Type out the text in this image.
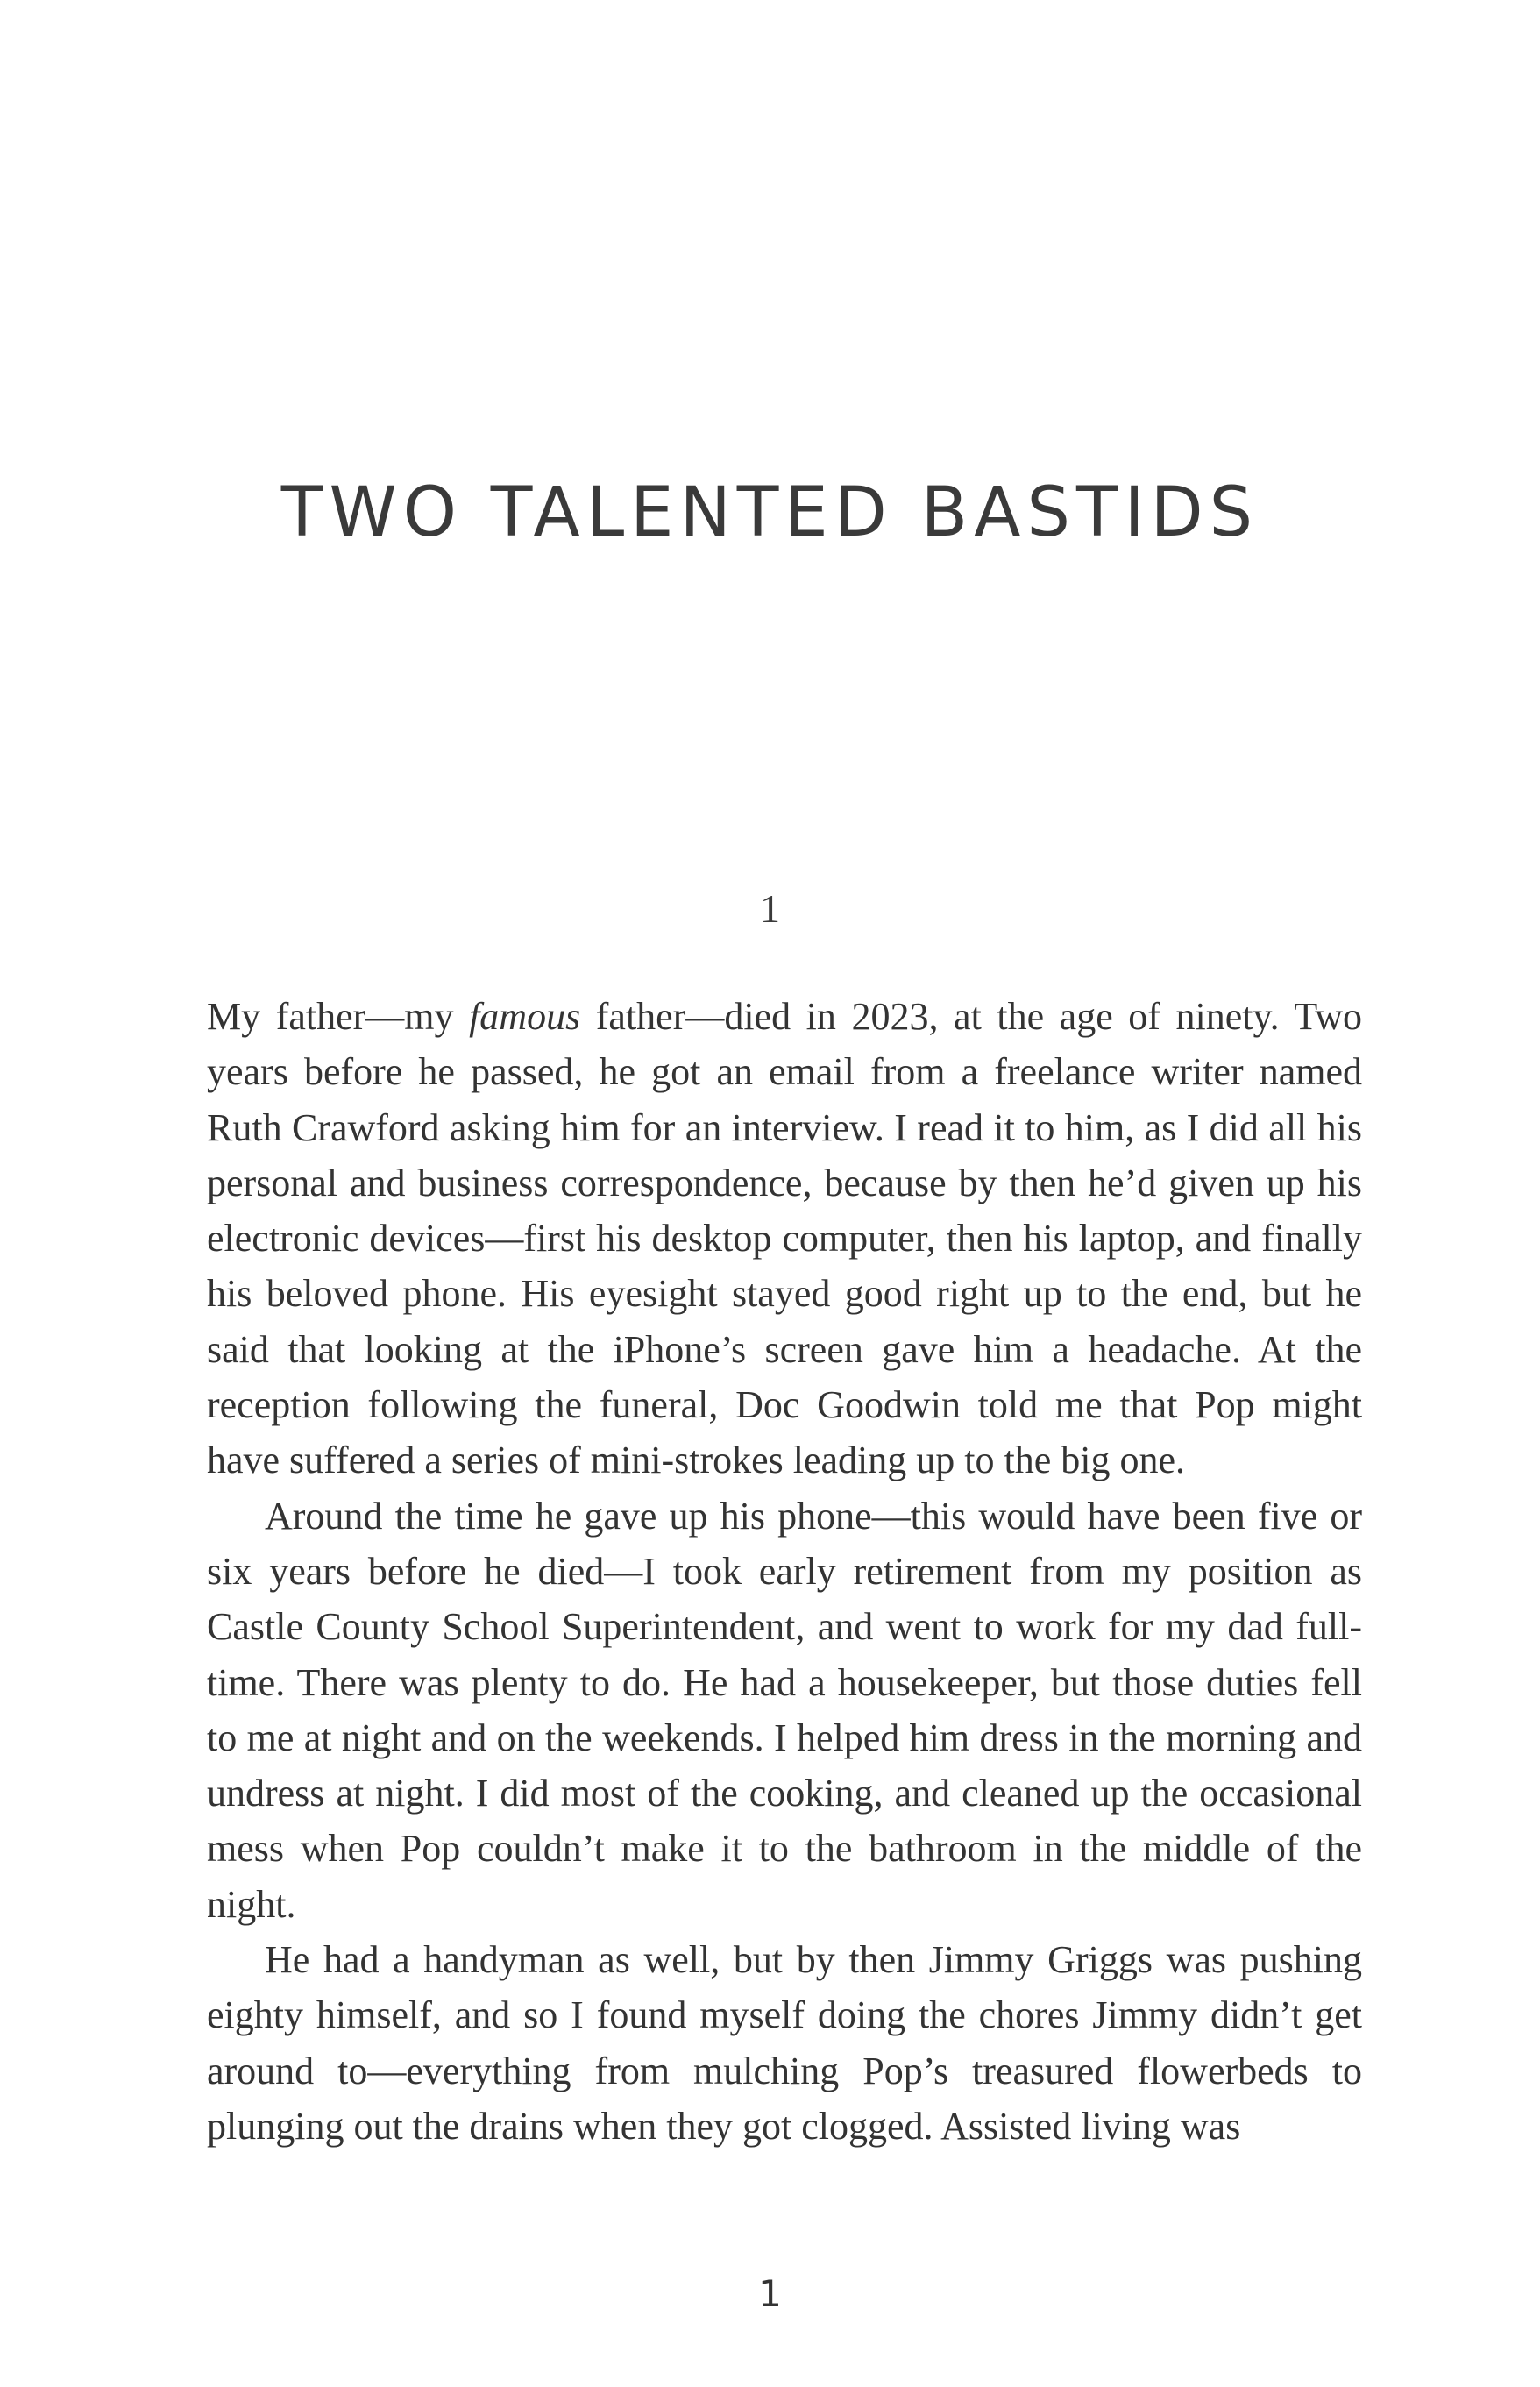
TWO TALENTED BASTIDS
1

My father—my famous father—died in 2023, at the age of ninety. Two years before he passed, he got an email from a freelance writer named Ruth Crawford asking him for an interview. I read it to him, as I did all his personal and business correspondence, because by then he’d given up his electronic devices—first his desktop computer, then his laptop, and finally his beloved phone. His eyesight stayed good right up to the end, but he said that looking at the iPhone’s screen gave him a headache. At the reception following the funeral, Doc Goodwin told me that Pop might have suffered a series of mini-strokes leading up to the big one.

Around the time he gave up his phone—this would have been five or six years before he died—I took early retirement from my position as Castle County School Superintendent, and went to work for my dad full-time. There was plenty to do. He had a housekeeper, but those duties fell to me at night and on the weekends. I helped him dress in the morning and undress at night. I did most of the cooking, and cleaned up the occasional mess when Pop couldn’t make it to the bathroom in the middle of the night.

He had a handyman as well, but by then Jimmy Griggs was pushing eighty himself, and so I found myself doing the chores Jimmy didn’t get around to—everything from mulching Pop’s treasured flowerbeds to plunging out the drains when they got clogged. Assisted living was

1
